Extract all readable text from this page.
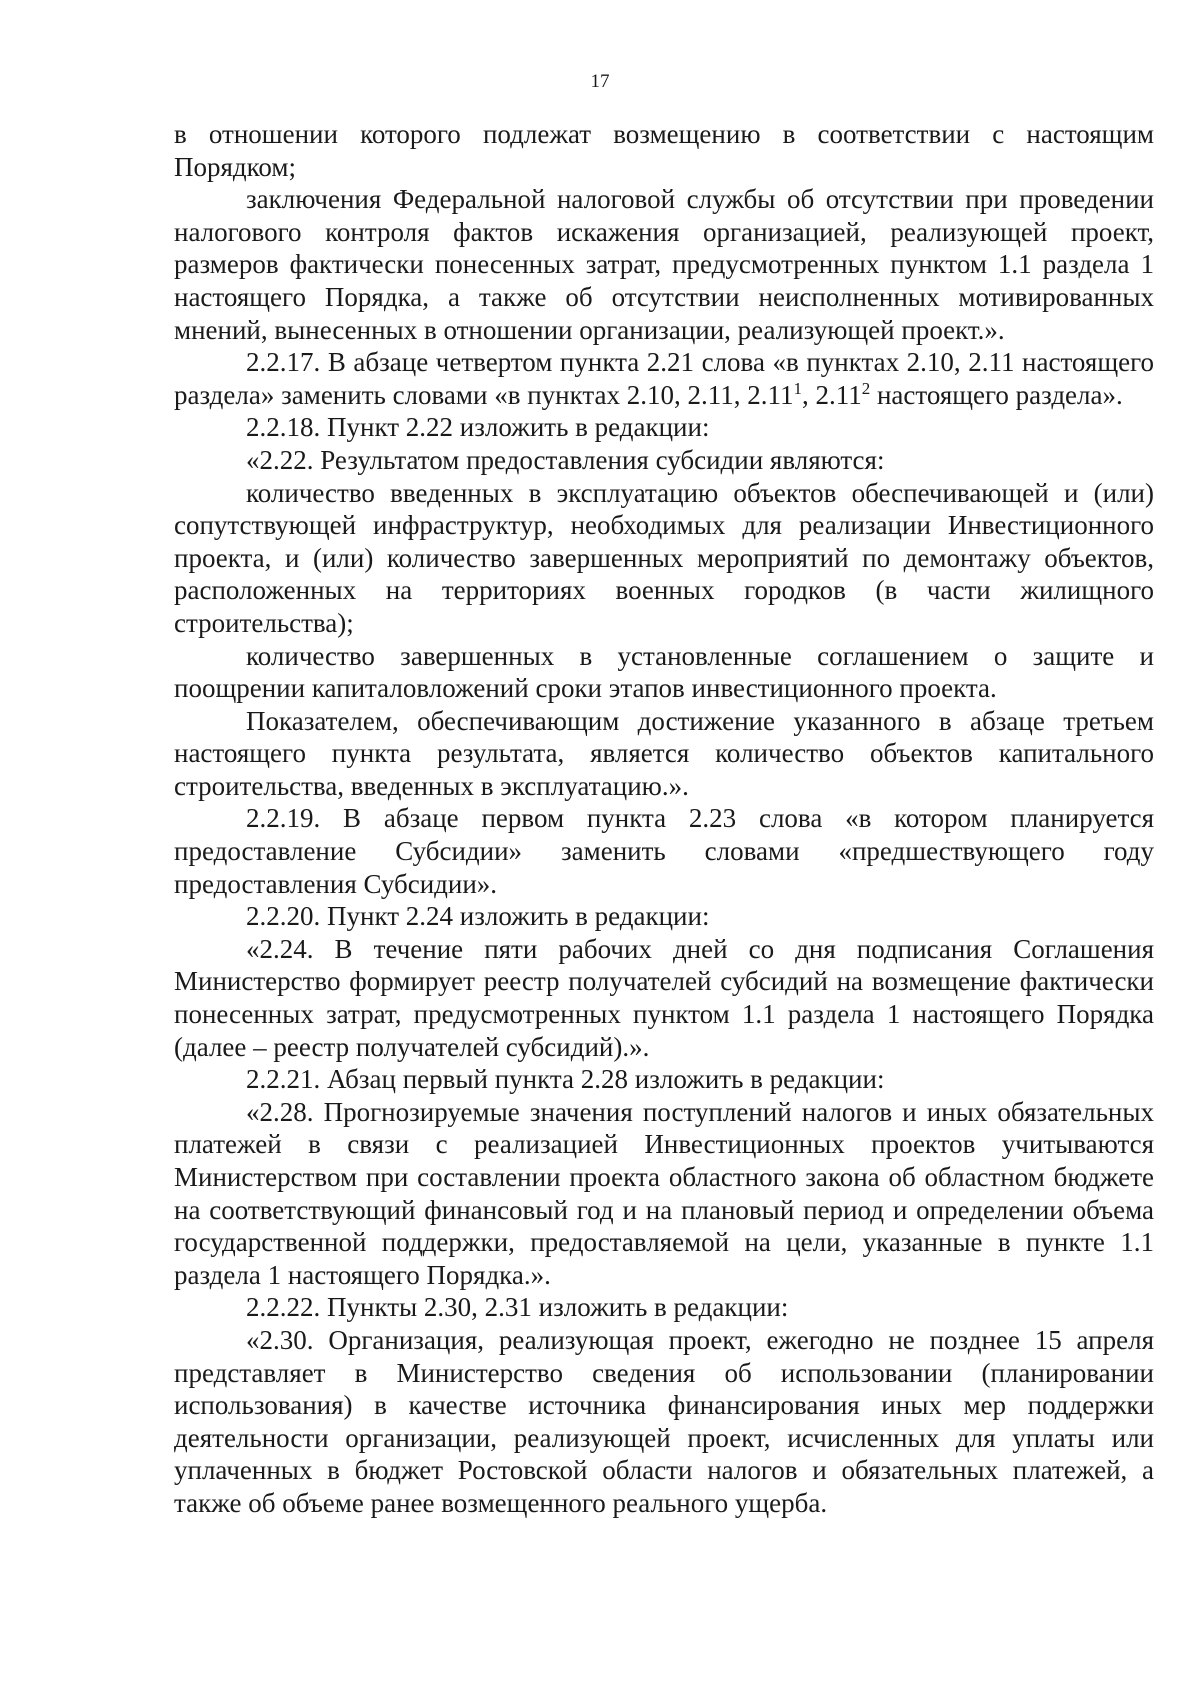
17

в отношении которого подлежат возмещению в соответствии с настоящим Порядком;

заключения Федеральной налоговой службы об отсутствии при проведении налогового контроля фактов искажения организацией, реализующей проект, размеров фактически понесенных затрат, предусмотренных пунктом 1.1 раздела 1 настоящего Порядка, а также об отсутствии неисполненных мотивированных мнений, вынесенных в отношении организации, реализующей проект.».

2.2.17. В абзаце четвертом пункта 2.21 слова «в пунктах 2.10, 2.11 настоящего раздела» заменить словами «в пунктах 2.10, 2.11, 2.11$^1$, 2.11$^2$ настоящего раздела».

2.2.18. Пункт 2.22 изложить в редакции:

«2.22. Результатом предоставления субсидии являются:

количество введенных в эксплуатацию объектов обеспечивающей и (или) сопутствующей инфраструктур, необходимых для реализации Инвестиционного проекта, и (или) количество завершенных мероприятий по демонтажу объектов, расположенных на территориях военных городков (в части жилищного строительства);

количество завершенных в установленные соглашением о защите и поощрении капиталовложений сроки этапов инвестиционного проекта.

Показателем, обеспечивающим достижение указанного в абзаце третьем настоящего пункта результата, является количество объектов капитального строительства, введенных в эксплуатацию.».

2.2.19. В абзаце первом пункта 2.23 слова «в котором планируется предоставление Субсидии» заменить словами «предшествующего году предоставления Субсидии».

2.2.20. Пункт 2.24 изложить в редакции:

«2.24. В течение пяти рабочих дней со дня подписания Соглашения Министерство формирует реестр получателей субсидий на возмещение фактически понесенных затрат, предусмотренных пунктом 1.1 раздела 1 настоящего Порядка (далее – реестр получателей субсидий).».

2.2.21. Абзац первый пункта 2.28 изложить в редакции:

«2.28. Прогнозируемые значения поступлений налогов и иных обязательных платежей в связи с реализацией Инвестиционных проектов учитываются Министерством при составлении проекта областного закона об областном бюджете на соответствующий финансовый год и на плановый период и определении объема государственной поддержки, предоставляемой на цели, указанные в пункте 1.1 раздела 1 настоящего Порядка.».

2.2.22. Пункты 2.30, 2.31 изложить в редакции:

«2.30. Организация, реализующая проект, ежегодно не позднее 15 апреля представляет в Министерство сведения об использовании (планировании использования) в качестве источника финансирования иных мер поддержки деятельности организации, реализующей проект, исчисленных для уплаты или уплаченных в бюджет Ростовской области налогов и обязательных платежей, а также об объеме ранее возмещенного реального ущерба.
